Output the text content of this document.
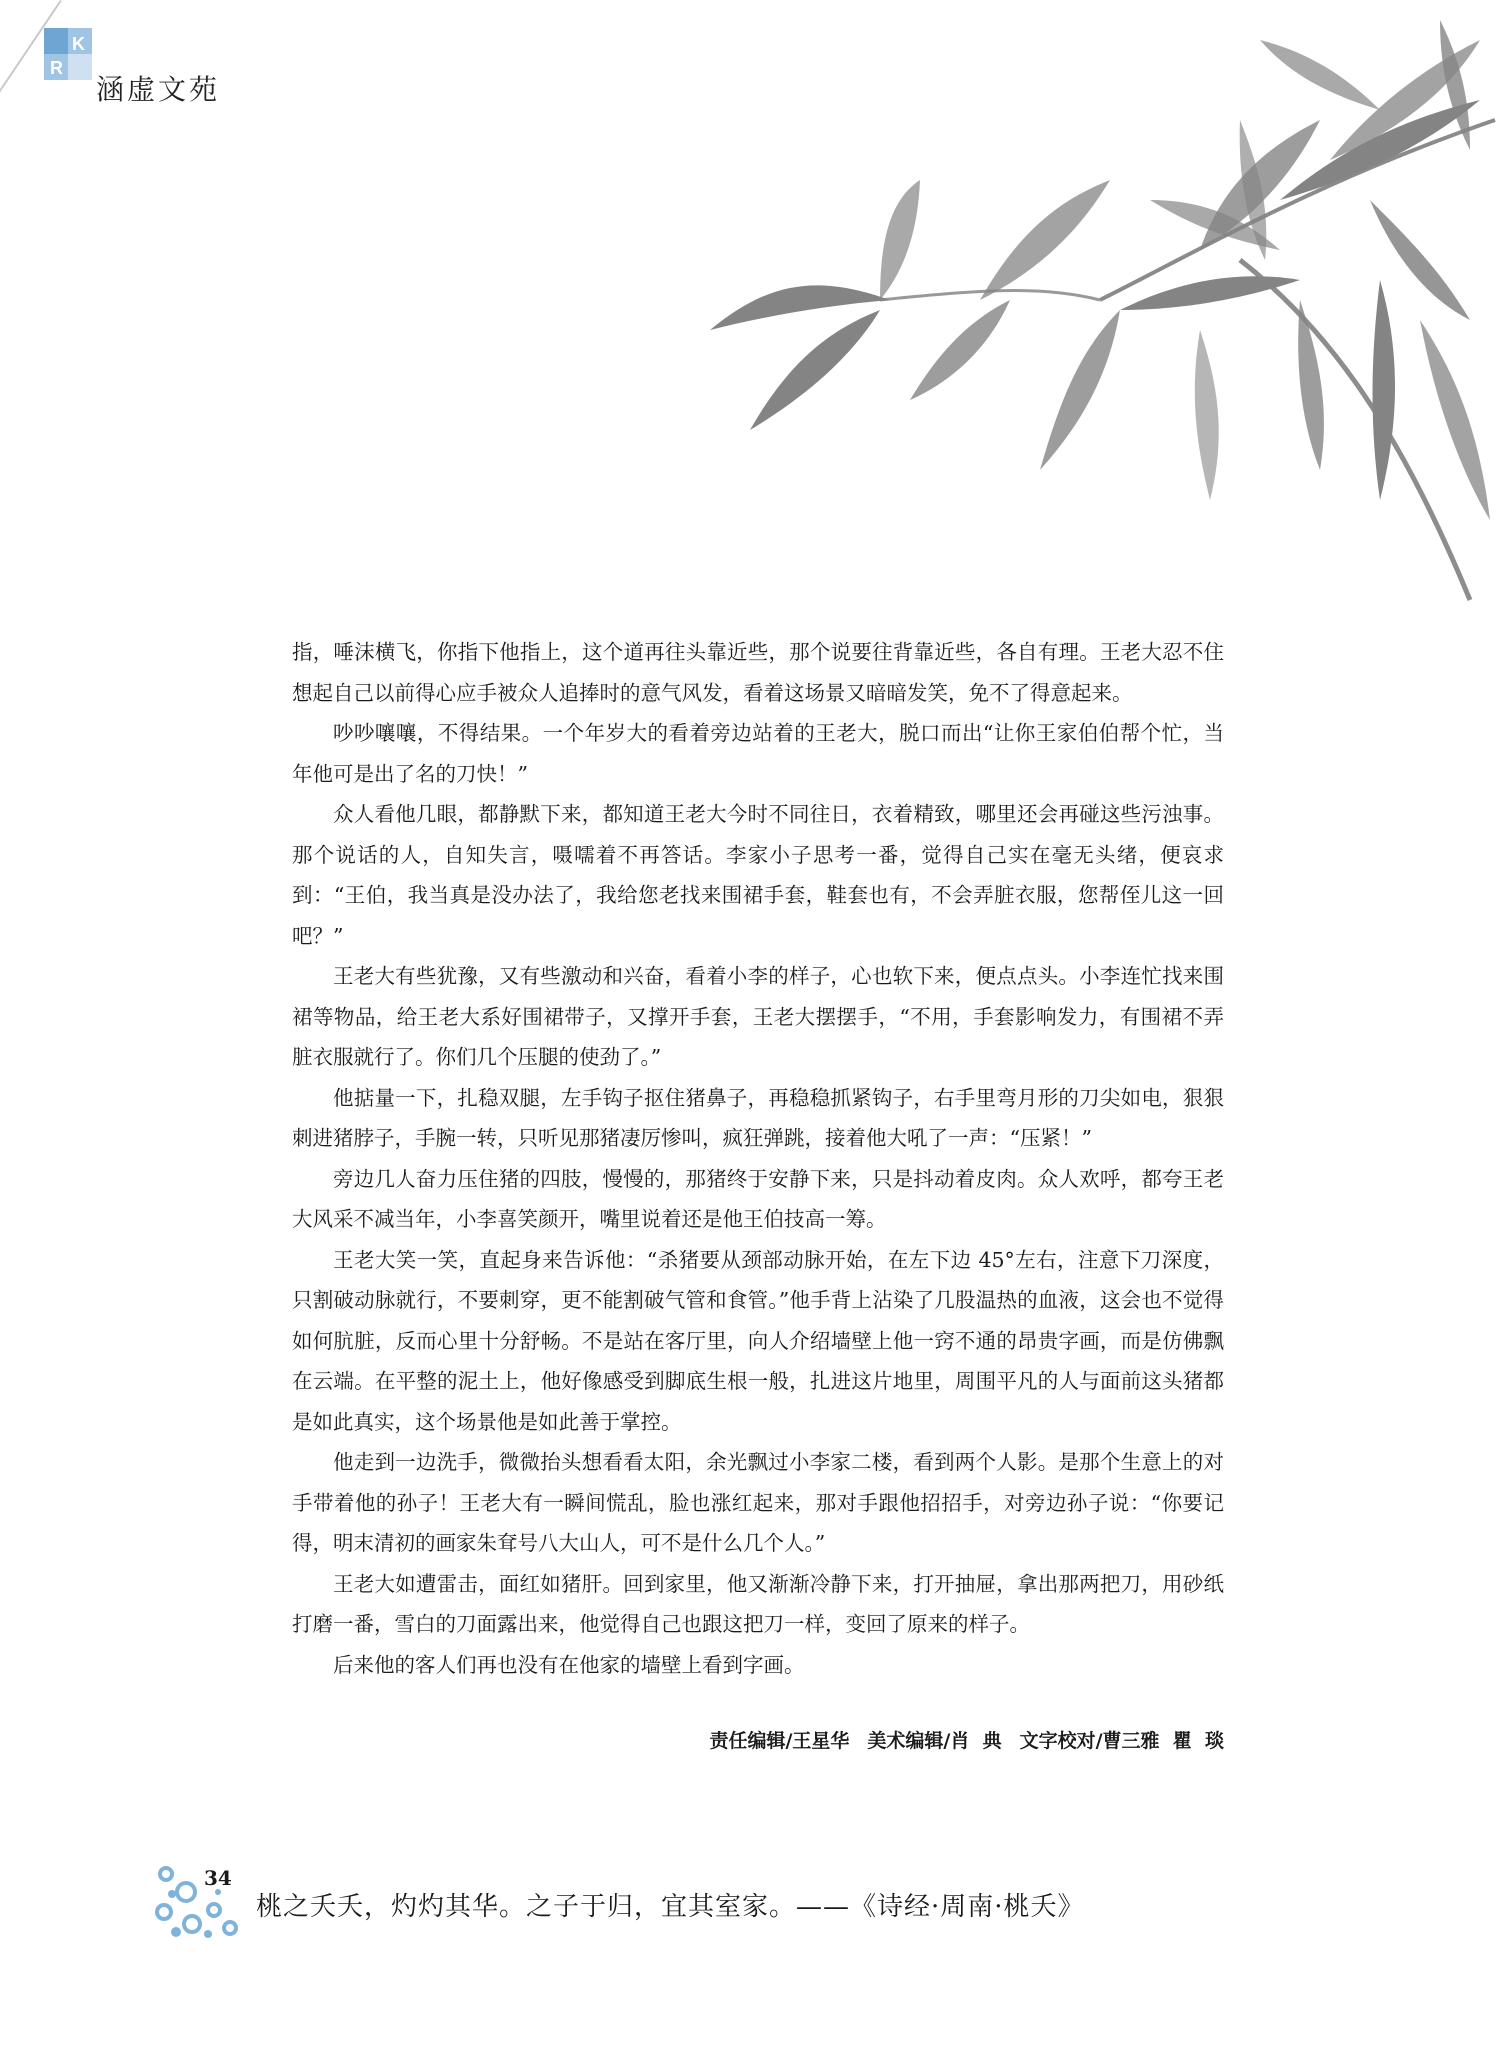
K
R
涵虚文苑

指，唾沫横飞，你指下他指上，这个道再往头靠近些，那个说要往背靠近些，各自有理。王老大忍不住想起自己以前得心应手被众人追捧时的意气风发，看着这场景又暗暗发笑，免不了得意起来。

吵吵嚷嚷，不得结果。一个年岁大的看着旁边站着的王老大，脱口而出“让你王家伯伯帮个忙，当年他可是出了名的刀快！”

众人看他几眼，都静默下来，都知道王老大今时不同往日，衣着精致，哪里还会再碰这些污浊事。那个说话的人，自知失言，嗫嚅着不再答话。李家小子思考一番，觉得自己实在毫无头绪，便哀求到：“王伯，我当真是没办法了，我给您老找来围裙手套，鞋套也有，不会弄脏衣服，您帮侄儿这一回吧？”

王老大有些犹豫，又有些激动和兴奋，看着小李的样子，心也软下来，便点点头。小李连忙找来围裙等物品，给王老大系好围裙带子，又撑开手套，王老大摆摆手，“不用，手套影响发力，有围裙不弄脏衣服就行了。你们几个压腿的使劲了。”

他掂量一下，扎稳双腿，左手钩子抠住猪鼻子，再稳稳抓紧钩子，右手里弯月形的刀尖如电，狠狠刺进猪脖子，手腕一转，只听见那猪凄厉惨叫，疯狂弹跳，接着他大吼了一声：“压紧！”

旁边几人奋力压住猪的四肢，慢慢的，那猪终于安静下来，只是抖动着皮肉。众人欢呼，都夸王老大风采不减当年，小李喜笑颜开，嘴里说着还是他王伯技高一筹。

王老大笑一笑，直起身来告诉他：“杀猪要从颈部动脉开始，在左下边 45°左右，注意下刀深度，只割破动脉就行，不要刺穿，更不能割破气管和食管。”他手背上沾染了几股温热的血液，这会也不觉得如何肮脏，反而心里十分舒畅。不是站在客厅里，向人介绍墙壁上他一窍不通的昂贵字画，而是仿佛飘在云端。在平整的泥土上，他好像感受到脚底生根一般，扎进这片地里，周围平凡的人与面前这头猪都是如此真实，这个场景他是如此善于掌控。

他走到一边洗手，微微抬头想看看太阳，余光飘过小李家二楼，看到两个人影。是那个生意上的对手带着他的孙子！王老大有一瞬间慌乱，脸也涨红起来，那对手跟他招招手，对旁边孙子说：“你要记得，明末清初的画家朱耷号八大山人，可不是什么几个人。”

王老大如遭雷击，面红如猪肝。回到家里，他又渐渐冷静下来，打开抽屉，拿出那两把刀，用砂纸打磨一番，雪白的刀面露出来，他觉得自己也跟这把刀一样，变回了原来的样子。

后来他的客人们再也没有在他家的墙壁上看到字画。

责任编辑/王星华 美术编辑/肖  典 文字校对/曹三雅  瞿  琰
34
桃之夭夭，灼灼其华。之子于归，宜其室家。——《诗经·周南·桃夭》
